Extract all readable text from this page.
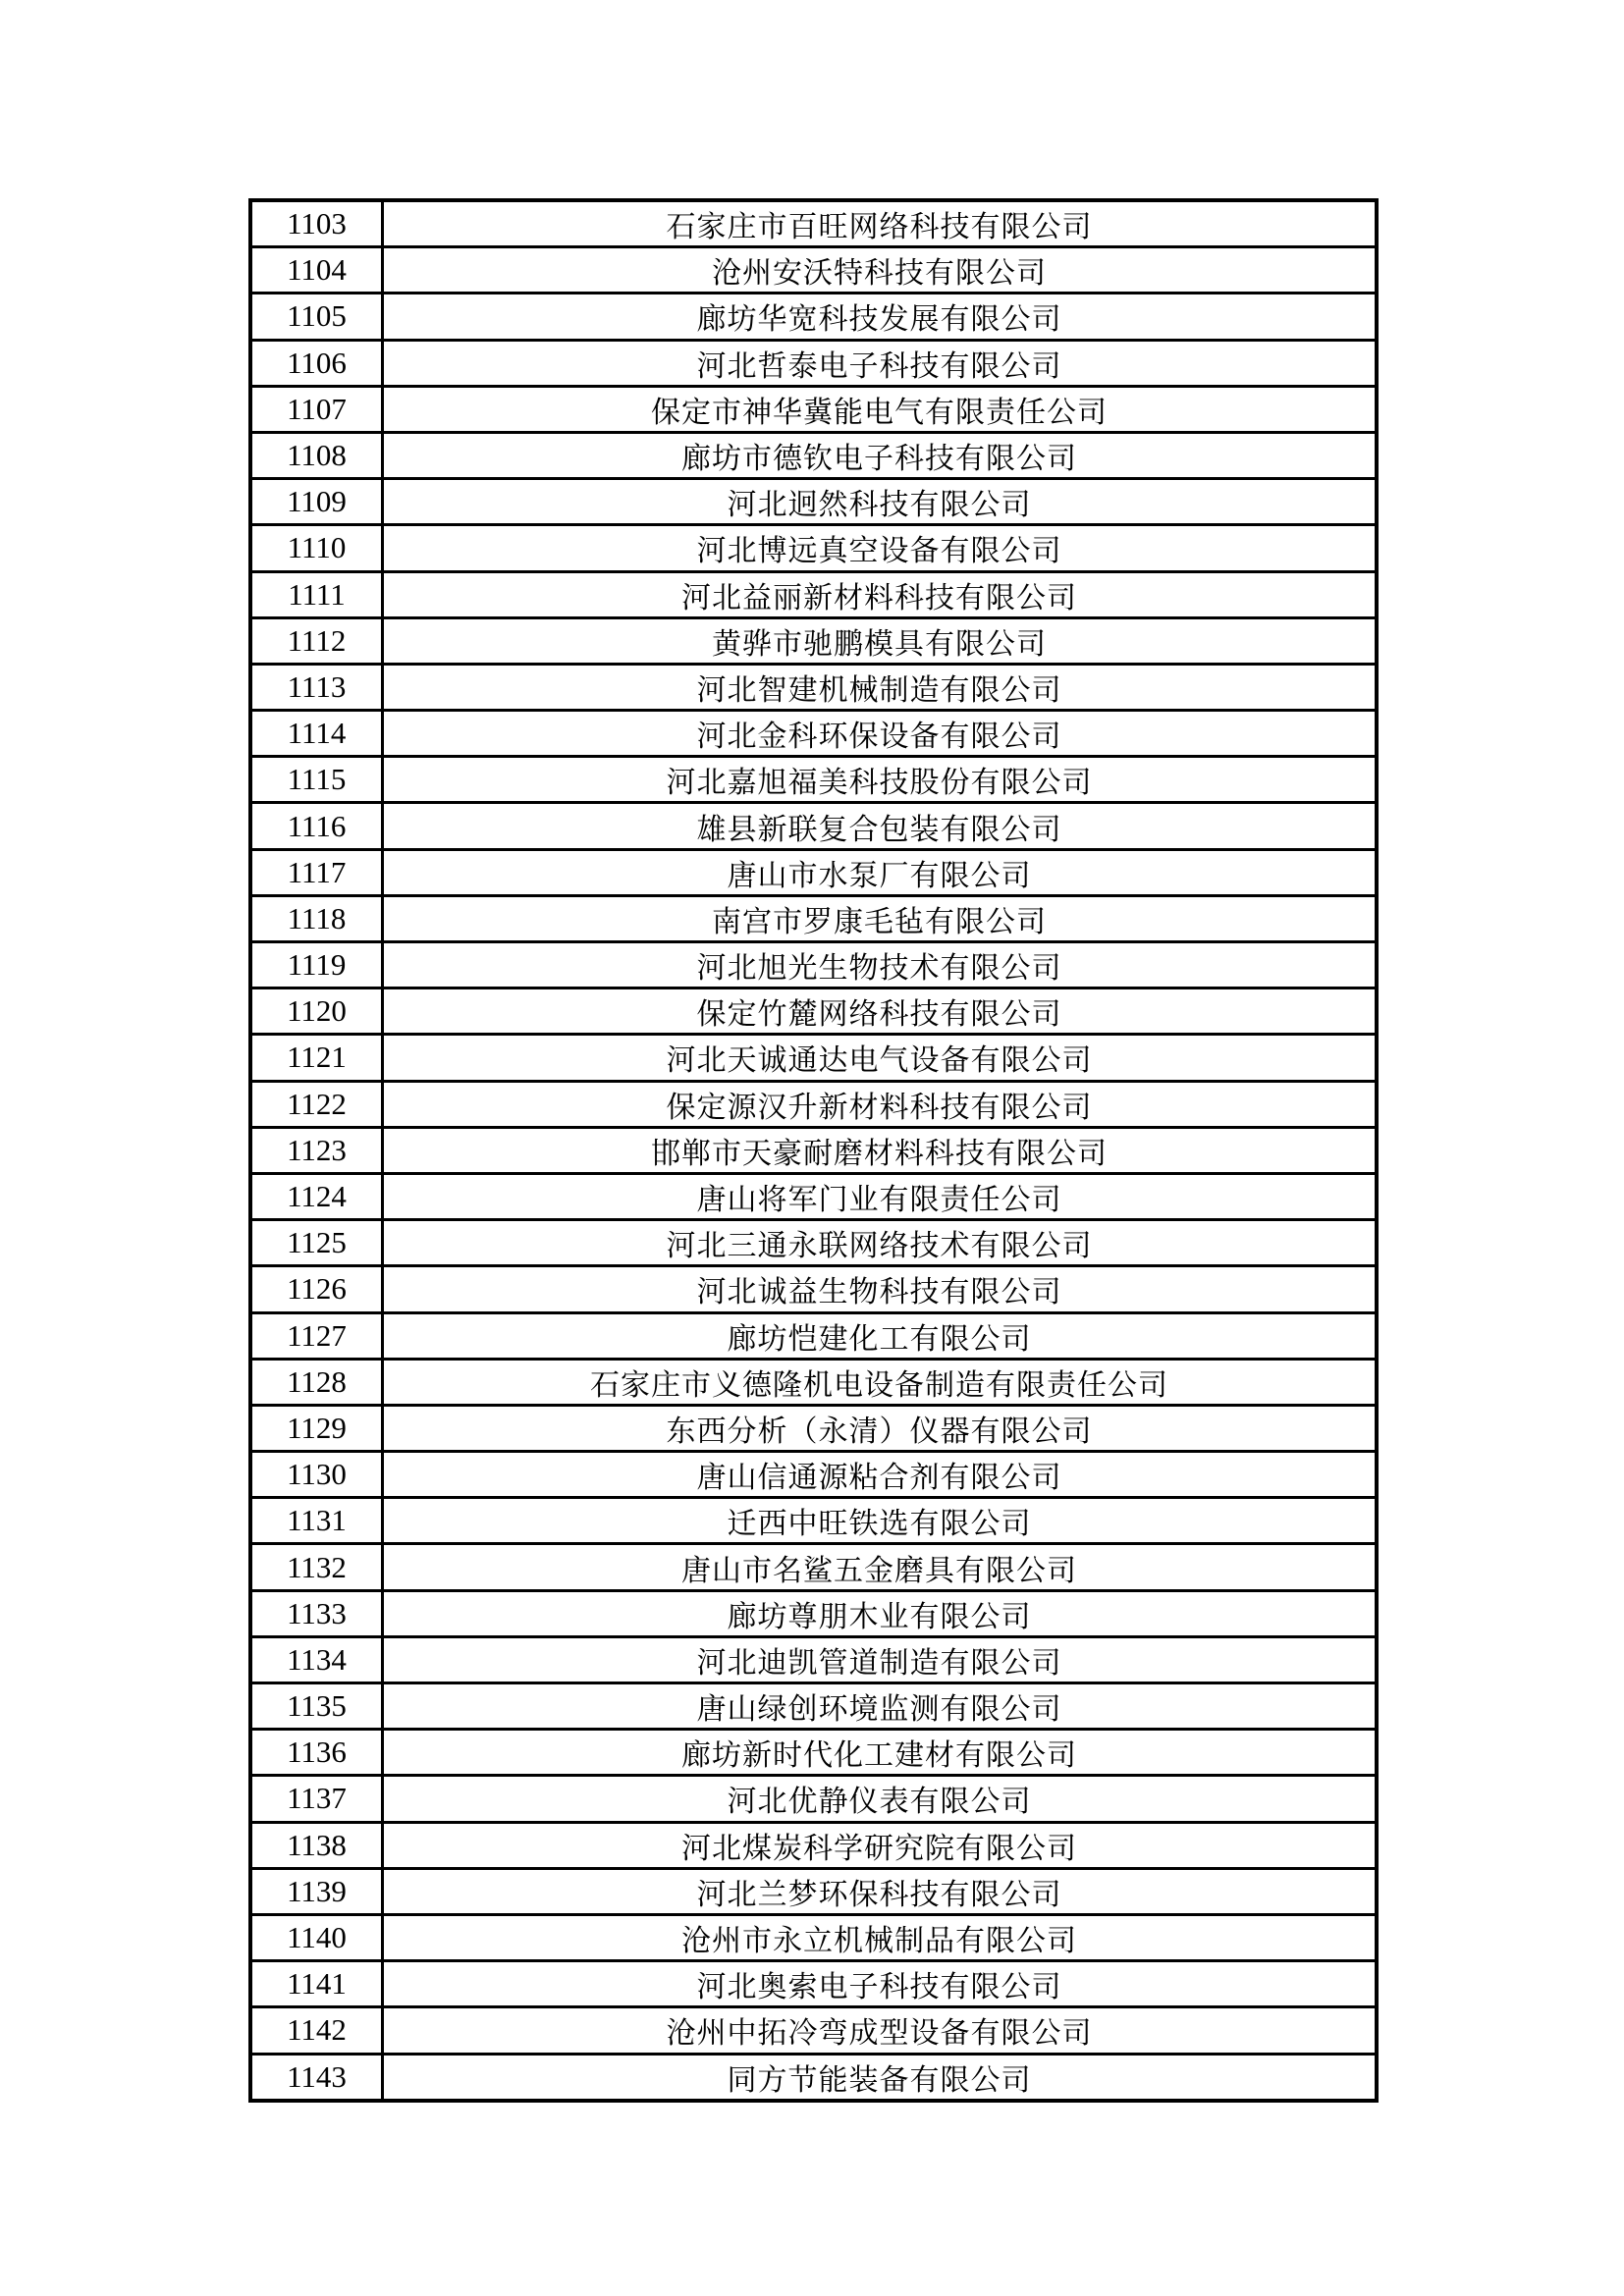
1103	石家庄市百旺网络科技有限公司
1104	沧州安沃特科技有限公司
1105	廊坊华宽科技发展有限公司
1106	河北哲泰电子科技有限公司
1107	保定市神华冀能电气有限责任公司
1108	廊坊市德钦电子科技有限公司
1109	河北迥然科技有限公司
1110	河北博远真空设备有限公司
1111	河北益丽新材料科技有限公司
1112	黄骅市驰鹏模具有限公司
1113	河北智建机械制造有限公司
1114	河北金科环保设备有限公司
1115	河北嘉旭福美科技股份有限公司
1116	雄县新联复合包装有限公司
1117	唐山市水泵厂有限公司
1118	南宫市罗康毛毡有限公司
1119	河北旭光生物技术有限公司
1120	保定竹麓网络科技有限公司
1121	河北天诚通达电气设备有限公司
1122	保定源汉升新材料科技有限公司
1123	邯郸市天豪耐磨材料科技有限公司
1124	唐山将军门业有限责任公司
1125	河北三通永联网络技术有限公司
1126	河北诚益生物科技有限公司
1127	廊坊恺建化工有限公司
1128	石家庄市义德隆机电设备制造有限责任公司
1129	东西分析（永清）仪器有限公司
1130	唐山信通源粘合剂有限公司
1131	迁西中旺铁选有限公司
1132	唐山市名鲨五金磨具有限公司
1133	廊坊尊朋木业有限公司
1134	河北迪凯管道制造有限公司
1135	唐山绿创环境监测有限公司
1136	廊坊新时代化工建材有限公司
1137	河北优静仪表有限公司
1138	河北煤炭科学研究院有限公司
1139	河北兰梦环保科技有限公司
1140	沧州市永立机械制品有限公司
1141	河北奥索电子科技有限公司
1142	沧州中拓冷弯成型设备有限公司
1143	同方节能装备有限公司
